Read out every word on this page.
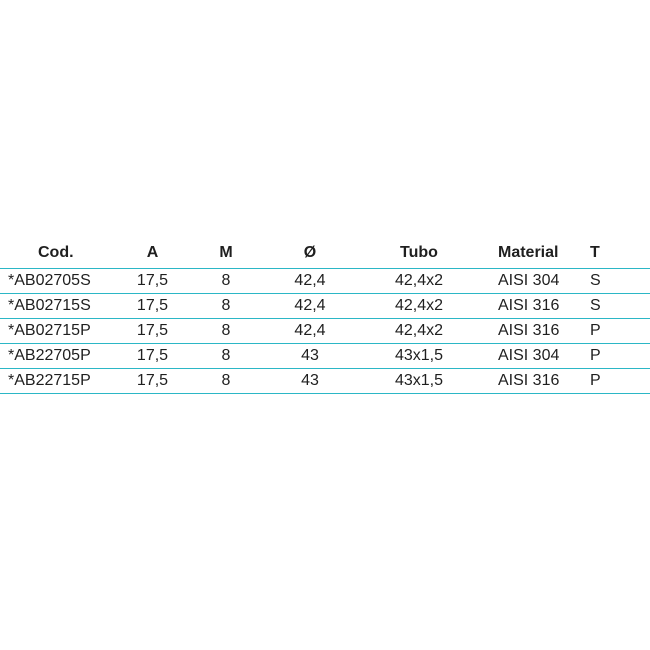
Cod.	A	M	Ø	Tubo	Material	T
*AB02705S	17,5	8	42,4	42,4x2	AISI 304	S
*AB02715S	17,5	8	42,4	42,4x2	AISI 316	S
*AB02715P	17,5	8	42,4	42,4x2	AISI 316	P
*AB22705P	17,5	8	43	43x1,5	AISI 304	P
*AB22715P	17,5	8	43	43x1,5	AISI 316	P
